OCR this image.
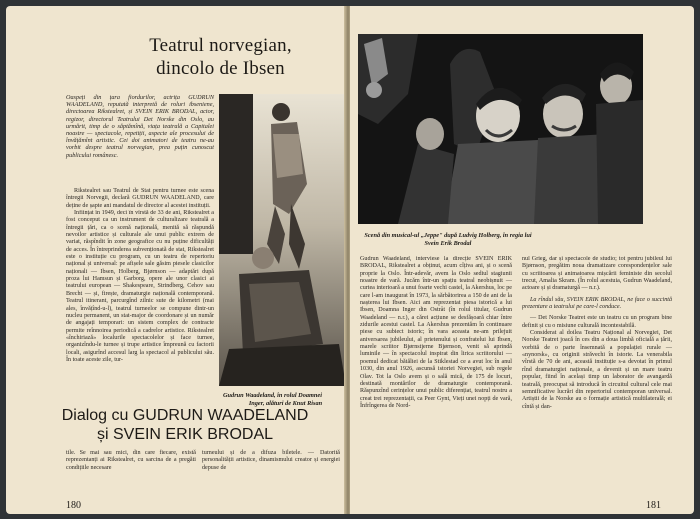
Teatrul norvegian,
dincolo de Ibsen
Oaspeți din țara fiordurilor, actrița GUDRUN WAADELAND, reputată interpretă de roluri ibseniene, directoarea Rikstealret, și SVEIN ERIK BRODAL, actor, regizor, directorul Teatrului Det Norske din Oslo, au urmărit, timp de o săptămînă, viața teatrală a Capitalei noastre — spectacole, repetiții, aspecte ale procesului de învățămînt artistic. Cei doi animatori de teatru ne-au vorbit despre teatrul norvegian, prea puțin cunoscut publicului românesc.
Rikstealret sau Teatrul de Stat pentru turnee este scena întregii Norvegii, declară GUDRUN WAADELAND, care deține de șapte ani mandatul de director al acestei instituții.
Înființat în 1949, deci în vîrstă de 33 de ani, Rikstealret a fost conceput ca un instrument de culturalizare teatrală a întregii țări, ca o scenă națională, menită să răspundă nevoilor artistice și culturale ale unui public extrem de variat, răspîndit în zone geografice cu nu puține dificultăți de acces. În întreprinderea subvenționată de stat, Rikstealret este o instituție cu program, cu un teatru de repertoriu național și universal: pe afișele sale găsim piesele clasicilor naționali — Ibsen, Holberg, Bjørnson — adaptări după proza lui Hamsun și Garborg, opere ale unor clasici ai teatrului european — Shakespeare, Strindberg, Cehov sau Brecht — și, firește, dramaturgie națională contemporană. Teatrul itinerant, parcurgînd zilnic sute de kilometri (mai ales, învățînd-u-l), teatrul turneelor se compune dintr-un nucleu permanent, un stat-major de coordonare și un număr de angajați temporari: un sistem complex de contracte permite reînnoirea periodică a cadrelor artistice. Rikstealret «închiriază» localurile spectacolelor și face turnee, organizîndu-le turnee și trupe artistice împreună cu factorii locali, asigurînd accesul larg la spectacol al publicului său. În toate aceste zile, tur-
Gudrun Waadeland, în rolul Doamnei
Inger, alături de Knut Risan
Dialog cu GUDRUN WAADELAND
și SVEIN ERIK BRODAL
tile. Se mai sau mici, din care fiecare, există reprezentanți ai Rikstealret, cu sarcina de a pregăti condițiile necesare
turneului și de a difuza biletele. — Datorită personalității artistice, dinamismului creator și energiei depuse de
180
Scenă din musical-ul „Jeppe" după Ludvig Holberg, în regia lui
Svein Erik Brodal
Gudrun Waadeland, interviese la direcție SVEIN ERIK BRODAL, Rikstealret a obținut, acum cîțiva ani, și o scenă proprie la Oslo. Într-adevăr, avem la Oslo sediul stagiunii noastre de vară. Jucăm într-un spațiu teatral neobișnuit — curtea interioară a unui foarte vechi castel, la Akershus, loc pe care l-am inaugurat în 1973, la sărbătorirea a 150 de ani de la nașterea lui Ibsen. Aici am reprezentat piesa istorică a lui Ibsen, Doamna Inger din Ostråt (în rolul titular, Gudrun Waadeland — n.r.), a cărei acțiune se desfășoară chiar între zidurile acestui castel. La Akershus prezentăm în continuare piese cu subiect istoric; în vara aceasta ne-am prilejuit aniversarea jubileului, al prietenului și confratelui lui Ibsen, marele scriitor Bjørnstjerne Bjørnson, venit să aprindă luminile — în spectacolul inspirat din lirica scriitorului — poemul dedicat bătăliei de la Stiklestad ce a avut loc în anul 1030, din anul 1926, ascunsă istoriei Norvegiei, sub regele Olav. Tot la Oslo avem și o sală mică, de 175 de locuri, destinată montărilor de dramaturgie contemporană. Răspunzînd cerințelor unui public diferențiat, teatrul nostru a creat trei reprezentații, ca Peer Gynt, Vieți unei nopți de vară, Înfrîngerea de Nord-
nul Grieg, dar și spectacole de studio; tot pentru jubileul lui Bjørnson, pregătim noua dramatizare corespondențelor sale cu scriitoarea și animatoarea mișcării feministe din secolul trecut, Amalia Skram. (În rolul acestuia, Gudrun Waadeland, actoare și și dramaturgă — n.r.).
La rîndul său, SVEIN ERIK BRODAL, ne face o succintă prezentare a teatrului pe care-l conduce.
— Det Norske Teatret este un teatru cu un program bine definit și cu o misiune culturală incontestabilă.
Considerat al doilea Teatru Național al Norvegiei, Det Norske Teatret joacă în ces din a doua limbă oficială a țării, vorbită de o parte însemnată a populației rurale — «nynorsk», cu originii străvechi în istorie. La venerabila vîrstă de 70 de ani, această instituție s-a devotat în primul rînd dramaturgiei naționale, a devenit și un mare teatru popular, fiind în același timp un laborator de avangardă teatrală, preocupat să introducă în circuitul cultural cele mai semnificative lucrări din repertoriul contemporan universal. Artiștii de la Norske au o formație artistică multilaterală; ei cîntă și dan-
181
